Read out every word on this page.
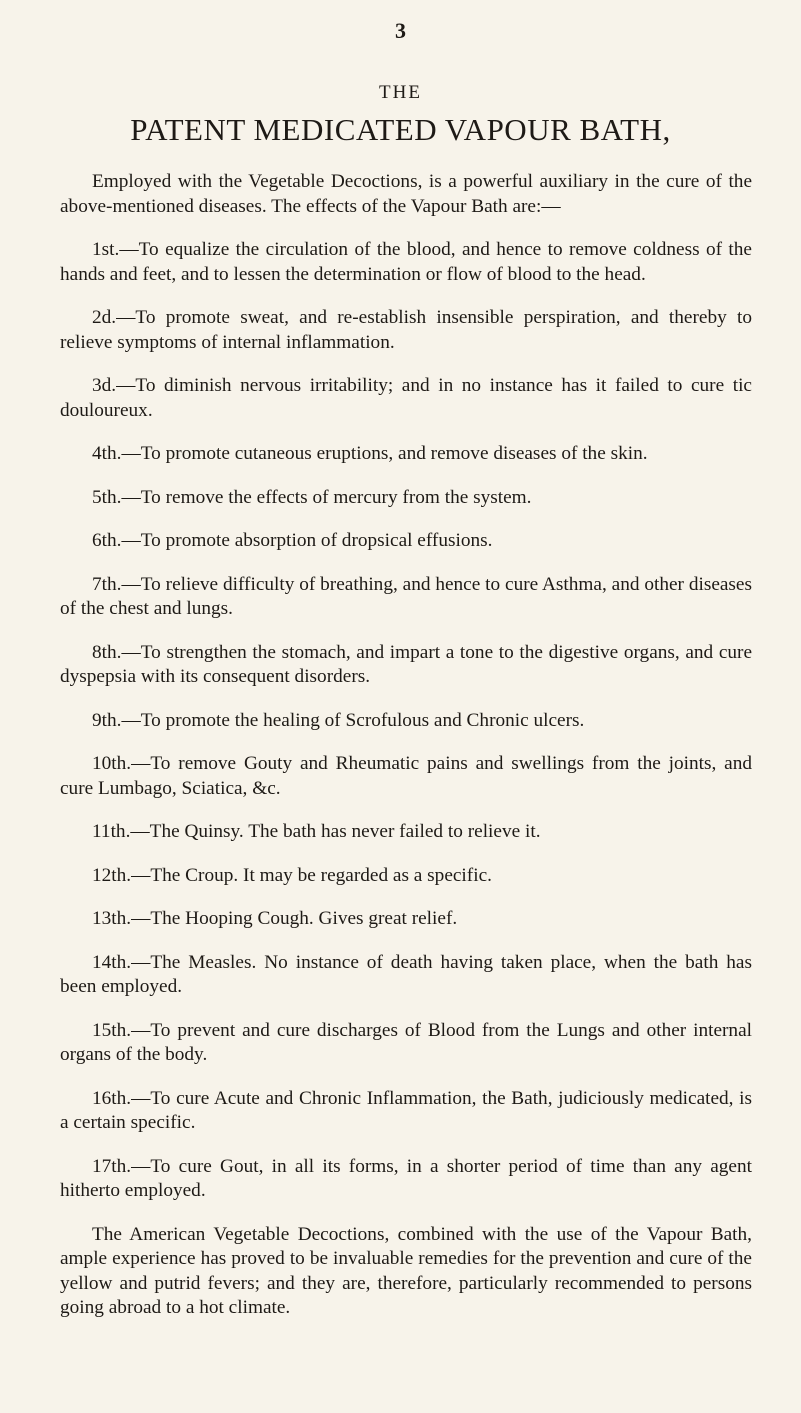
3
THE
PATENT MEDICATED VAPOUR BATH,

Employed with the Vegetable Decoctions, is a powerful auxiliary in the cure of the above-mentioned diseases. The effects of the Vapour Bath are:—

1st.—To equalize the circulation of the blood, and hence to remove coldness of the hands and feet, and to lessen the determination or flow of blood to the head.

2d.—To promote sweat, and re-establish insensible perspiration, and thereby to relieve symptoms of internal inflammation.

3d.—To diminish nervous irritability; and in no instance has it failed to cure tic douloureux.

4th.—To promote cutaneous eruptions, and remove diseases of the skin.

5th.—To remove the effects of mercury from the system.

6th.—To promote absorption of dropsical effusions.

7th.—To relieve difficulty of breathing, and hence to cure Asthma, and other diseases of the chest and lungs.

8th.—To strengthen the stomach, and impart a tone to the digestive organs, and cure dyspepsia with its consequent disorders.

9th.—To promote the healing of Scrofulous and Chronic ulcers.

10th.—To remove Gouty and Rheumatic pains and swellings from the joints, and cure Lumbago, Sciatica, &c.

11th.—The Quinsy. The bath has never failed to relieve it.

12th.—The Croup. It may be regarded as a specific.

13th.—The Hooping Cough. Gives great relief.

14th.—The Measles. No instance of death having taken place, when the bath has been employed.

15th.—To prevent and cure discharges of Blood from the Lungs and other internal organs of the body.

16th.—To cure Acute and Chronic Inflammation, the Bath, judiciously medicated, is a certain specific.

17th.—To cure Gout, in all its forms, in a shorter period of time than any agent hitherto employed.

The American Vegetable Decoctions, combined with the use of the Vapour Bath, ample experience has proved to be invaluable remedies for the prevention and cure of the yellow and putrid fevers; and they are, therefore, particularly recommended to persons going abroad to a hot climate.
